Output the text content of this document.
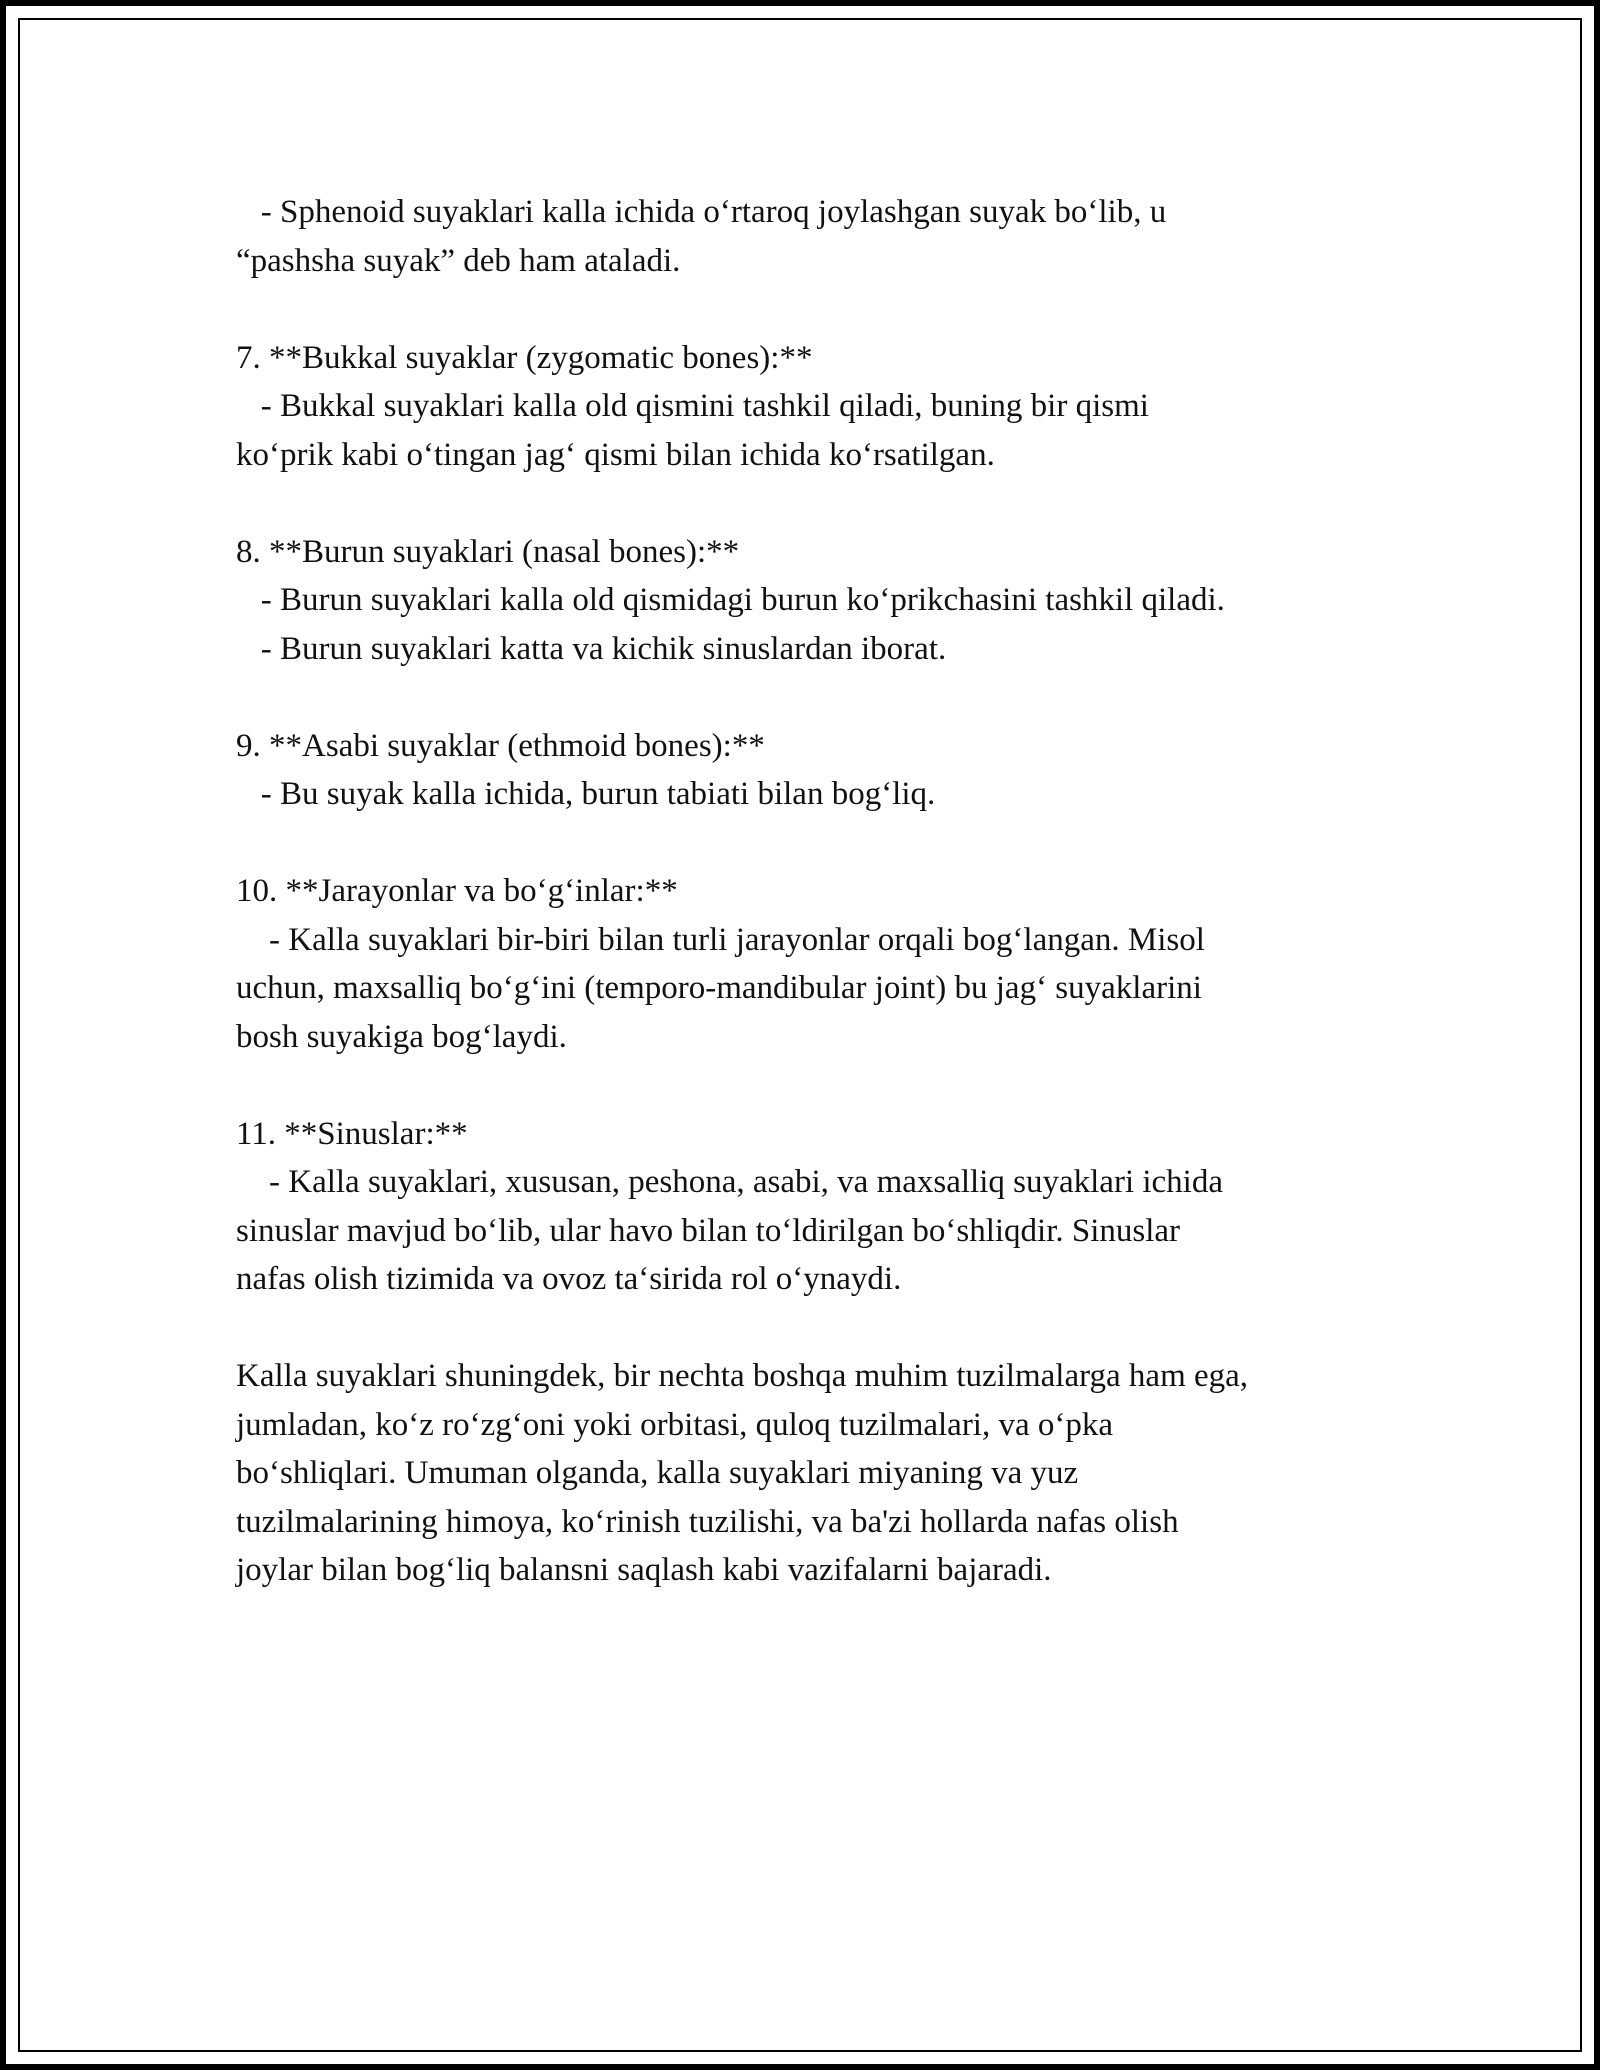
- Sphenoid suyaklari kalla ichida o‘rtaroq joylashgan suyak bo‘lib, u
“pashsha suyak” deb ham ataladi.
7. **Bukkal suyaklar (zygomatic bones):**
- Bukkal suyaklari kalla old qismini tashkil qiladi, buning bir qismi
ko‘prik kabi o‘tingan jag‘ qismi bilan ichida ko‘rsatilgan.
8. **Burun suyaklari (nasal bones):**
- Burun suyaklari kalla old qismidagi burun ko‘prikchasini tashkil qiladi.
- Burun suyaklari katta va kichik sinuslardan iborat.
9. **Asabi suyaklar (ethmoid bones):**
- Bu suyak kalla ichida, burun tabiati bilan bog‘liq.
10. **Jarayonlar va bo‘g‘inlar:**
- Kalla suyaklari bir-biri bilan turli jarayonlar orqali bog‘langan. Misol
uchun, maxsalliq bo‘g‘ini (temporo-mandibular joint) bu jag‘ suyaklarini
bosh suyakiga bog‘laydi.
11. **Sinuslar:**
- Kalla suyaklari, xususan, peshona, asabi, va maxsalliq suyaklari ichida
sinuslar mavjud bo‘lib, ular havo bilan to‘ldirilgan bo‘shliqdir. Sinuslar
nafas olish tizimida va ovoz ta‘sirida rol o‘ynaydi.
Kalla suyaklari shuningdek, bir nechta boshqa muhim tuzilmalarga ham ega,
jumladan, ko‘z ro‘zg‘oni yoki orbitasi, quloq tuzilmalari, va o‘pka
bo‘shliqlari. Umuman olganda, kalla suyaklari miyaning va yuz
tuzilmalarining himoya, ko‘rinish tuzilishi, va ba'zi hollarda nafas olish
joylar bilan bog‘liq balansni saqlash kabi vazifalarni bajaradi.
